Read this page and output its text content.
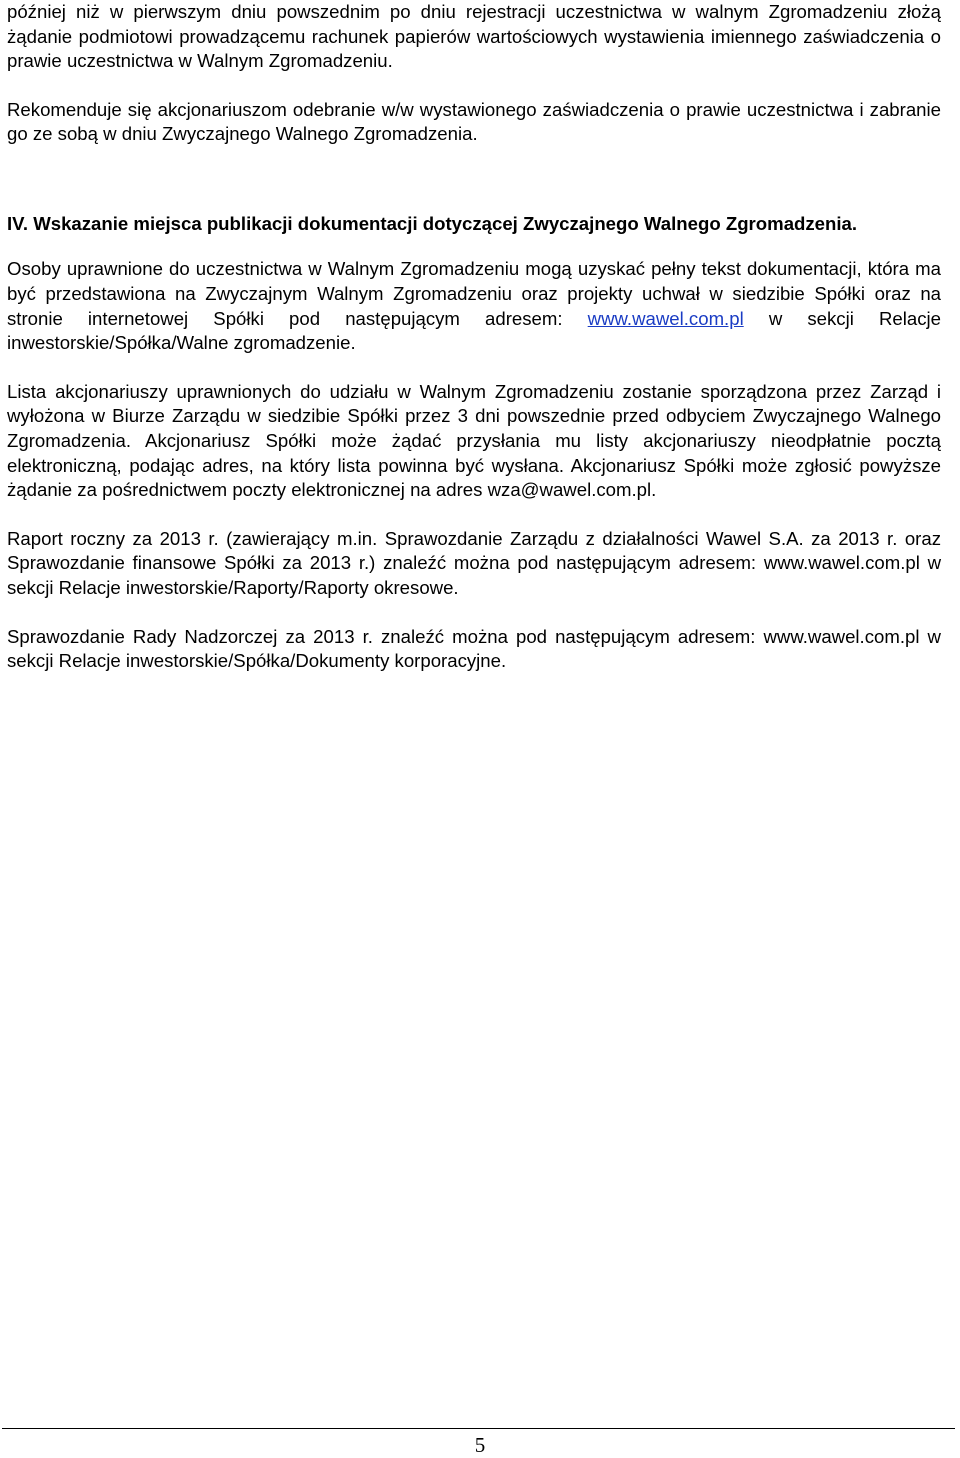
później niż w pierwszym dniu powszednim po dniu rejestracji uczestnictwa w walnym Zgromadzeniu złożą żądanie podmiotowi prowadzącemu rachunek papierów wartościowych wystawienia imiennego zaświadczenia o prawie uczestnictwa w Walnym Zgromadzeniu.

Rekomenduje się akcjonariuszom odebranie w/w wystawionego zaświadczenia o prawie uczestnictwa i zabranie go ze sobą w dniu Zwyczajnego Walnego Zgromadzenia.

IV. Wskazanie miejsca publikacji dokumentacji dotyczącej Zwyczajnego Walnego Zgromadzenia.

Osoby uprawnione do uczestnictwa w Walnym Zgromadzeniu mogą uzyskać pełny tekst dokumentacji, która ma być przedstawiona na Zwyczajnym Walnym Zgromadzeniu oraz projekty uchwał w siedzibie Spółki oraz na stronie internetowej Spółki pod następującym adresem: www.wawel.com.pl w sekcji Relacje inwestorskie/Spółka/Walne zgromadzenie.

Lista akcjonariuszy uprawnionych do udziału w Walnym Zgromadzeniu zostanie sporządzona przez Zarząd i wyłożona w Biurze Zarządu w siedzibie Spółki przez 3 dni powszednie przed odbyciem Zwyczajnego Walnego Zgromadzenia. Akcjonariusz Spółki może żądać przysłania mu listy akcjonariuszy nieodpłatnie pocztą elektroniczną, podając adres, na który lista powinna być wysłana. Akcjonariusz Spółki może zgłosić powyższe żądanie za pośrednictwem poczty elektronicznej na adres wza@wawel.com.pl.

Raport roczny za 2013 r. (zawierający m.in. Sprawozdanie Zarządu z działalności Wawel S.A. za 2013 r. oraz Sprawozdanie finansowe Spółki za 2013 r.) znaleźć można pod następującym adresem: www.wawel.com.pl w sekcji Relacje inwestorskie/Raporty/Raporty okresowe.

Sprawozdanie Rady Nadzorczej za 2013 r. znaleźć można pod następującym adresem: www.wawel.com.pl w sekcji Relacje inwestorskie/Spółka/Dokumenty korporacyjne.

5
